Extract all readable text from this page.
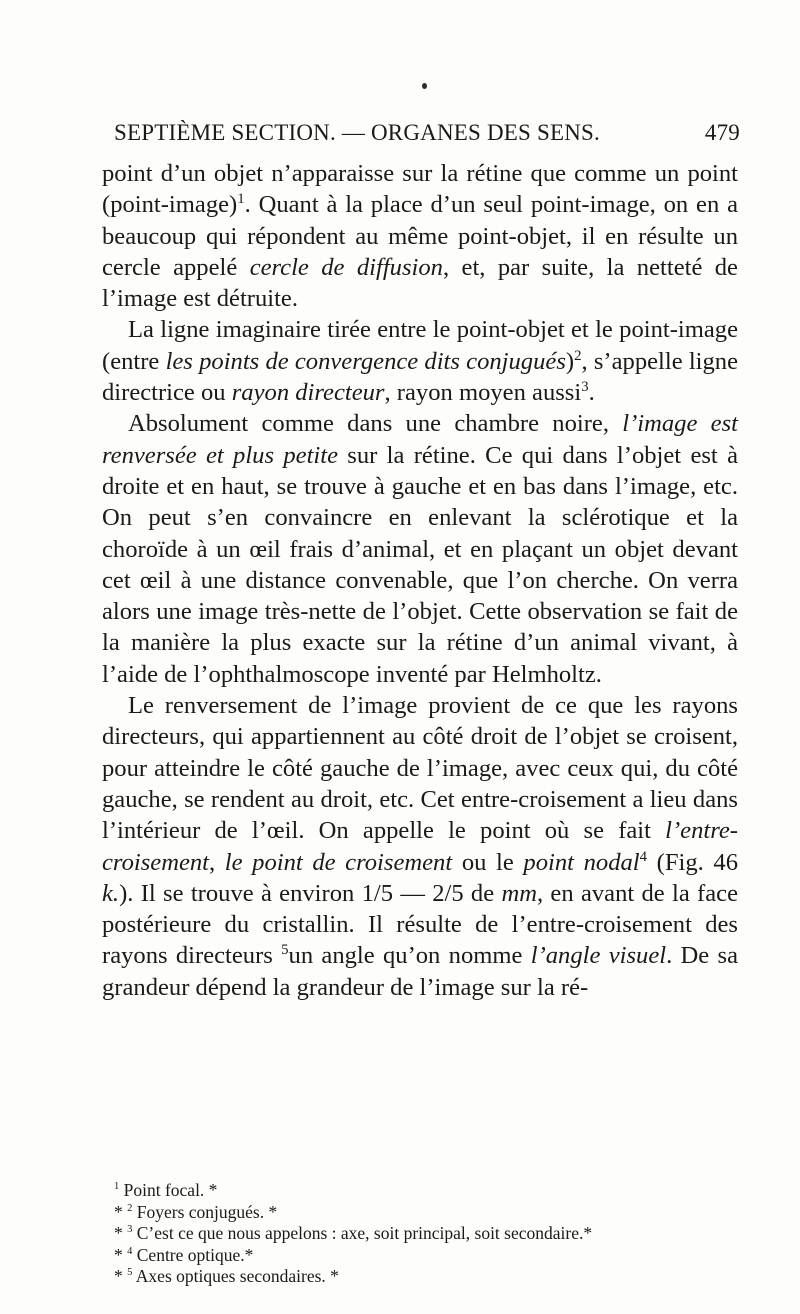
SEPTIÈME SECTION. — ORGANES DES SENS.	479

point d’un objet n’apparaisse sur la rétine que comme un point (point-image)$^1$. Quant à la place d’un seul point-image, on en a beaucoup qui répondent au même point-objet, il en résulte un cercle appelé cercle de diffusion, et, par suite, la netteté de l’image est détruite.

La ligne imaginaire tirée entre le point-objet et le point-image (entre les points de convergence dits conjugués)$^2$, s’appelle ligne directrice ou rayon directeur, rayon moyen aussi$^3$.

Absolument comme dans une chambre noire, l’image est renversée et plus petite sur la rétine. Ce qui dans l’objet est à droite et en haut, se trouve à gauche et en bas dans l’image, etc. On peut s’en convaincre en enlevant la sclérotique et la choroïde à un œil frais d’animal, et en plaçant un objet devant cet œil à une distance convenable, que l’on cherche. On verra alors une image très-nette de l’objet. Cette observation se fait de la manière la plus exacte sur la rétine d’un animal vivant, à l’aide de l’ophthalmoscope inventé par Helmholtz.

Le renversement de l’image provient de ce que les rayons directeurs, qui appartiennent au côté droit de l’objet se croisent, pour atteindre le côté gauche de l’image, avec ceux qui, du côté gauche, se rendent au droit, etc. Cet entre-croisement a lieu dans l’intérieur de l’œil. On appelle le point où se fait l’entre-croisement, le point de croisement ou le point nodal$^4$ (Fig. 46 k.). Il se trouve à environ 1/5 — 2/5 de mm, en avant de la face postérieure du cristallin. Il résulte de l’entre-croisement des rayons directeurs $^5$un angle qu’on nomme l’angle visuel. De sa grandeur dépend la grandeur de l’image sur la ré-

$^1$ Point focal. *
* $^2$ Foyers conjugués. *
* $^3$ C’est ce que nous appelons : axe, soit principal, soit secondaire.*
* $^4$ Centre optique.*
* $^5$ Axes optiques secondaires. *
